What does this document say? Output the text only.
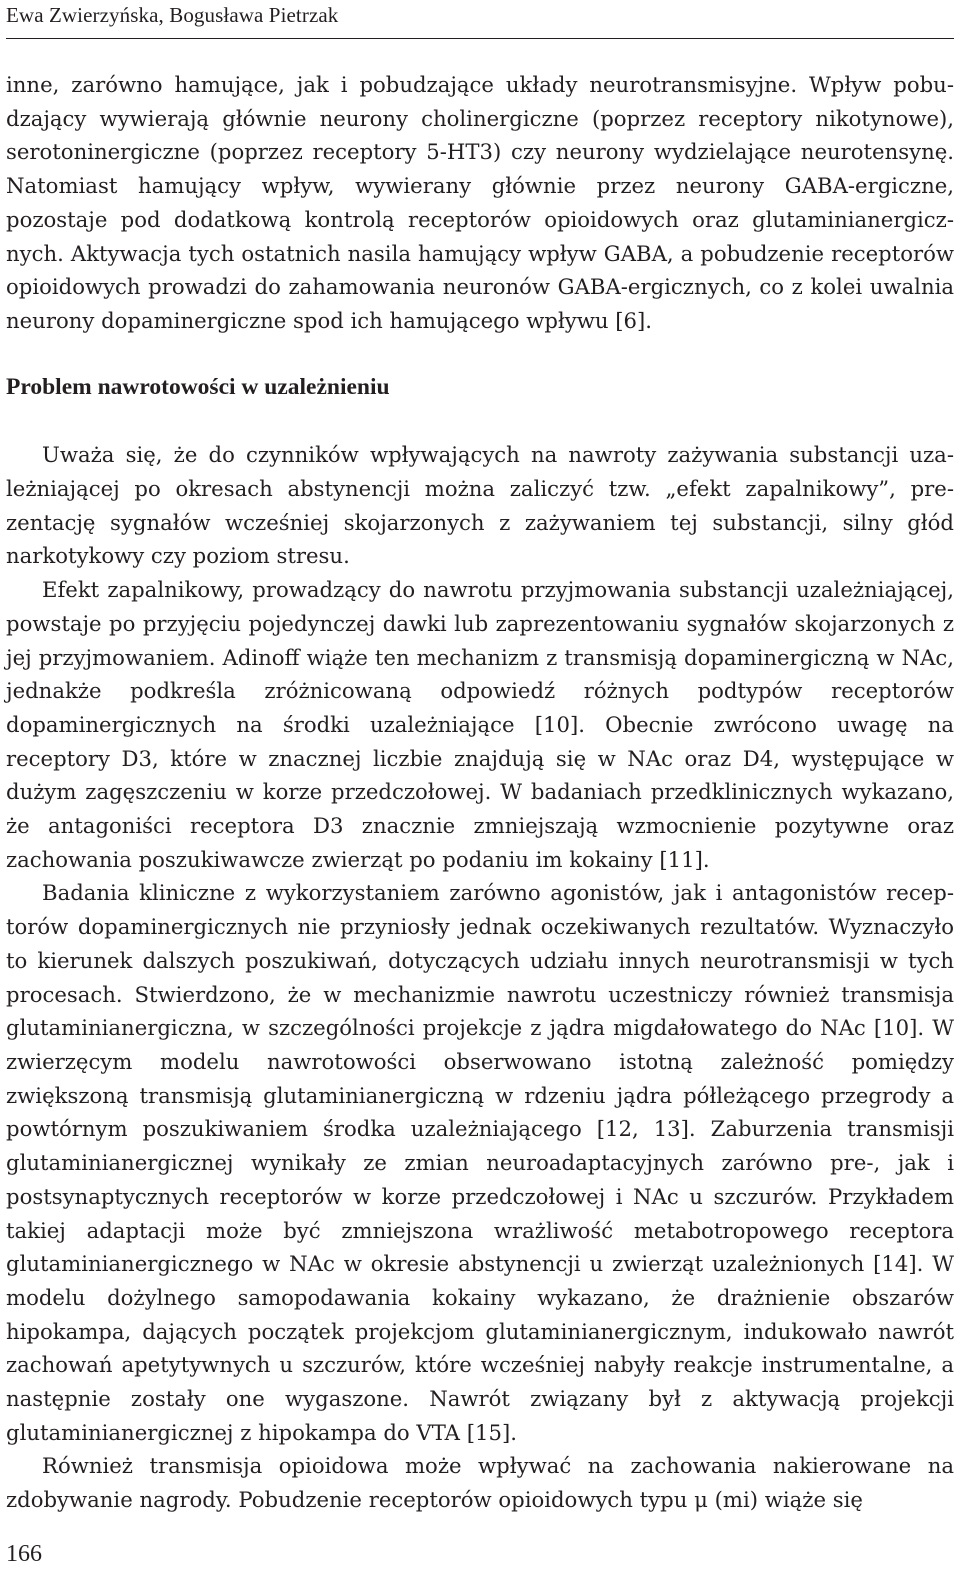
Ewa Zwierzyńska, Bogusława Pietrzak

inne, zarówno hamujące, jak i pobudzające układy neurotransmisyjne. Wpływ pobudzający wywierają głównie neurony cholinergiczne (poprzez receptory nikotynowe), serotoninergiczne (poprzez receptory 5-HT3) czy neurony wydzielające neurotensynę. Natomiast hamujący wpływ, wywierany głównie przez neurony GABA-ergiczne, pozostaje pod dodatkową kontrolą receptorów opioidowych oraz glutaminianergicznych. Aktywacja tych ostatnich nasila hamujący wpływ GABA, a pobudzenie receptorów opioidowych prowadzi do zahamowania neuronów GABA-ergicznych, co z kolei uwalnia neurony dopaminergiczne spod ich hamującego wpływu [6].

Problem nawrotowości w uzależnieniu

Uważa się, że do czynników wpływających na nawroty zażywania substancji uzależniającej po okresach abstynencji można zaliczyć tzw. „efekt zapalnikowy”, prezentację sygnałów wcześniej skojarzonych z zażywaniem tej substancji, silny głód narkotykowy czy poziom stresu.

Efekt zapalnikowy, prowadzący do nawrotu przyjmowania substancji uzależniającej, powstaje po przyjęciu pojedynczej dawki lub zaprezentowaniu sygnałów skojarzonych z jej przyjmowaniem. Adinoff wiąże ten mechanizm z transmisją dopaminergiczną w NAc, jednakże podkreśla zróżnicowaną odpowiedź różnych podtypów receptorów dopaminergicznych na środki uzależniające [10]. Obecnie zwrócono uwagę na receptory D3, które w znacznej liczbie znajdują się w NAc oraz D4, występujące w dużym zagęszczeniu w korze przedczołowej. W badaniach przedklinicznych wykazano, że antagoniści receptora D3 znacznie zmniejszają wzmocnienie pozytywne oraz zachowania poszukiwawcze zwierząt po podaniu im kokainy [11].

Badania kliniczne z wykorzystaniem zarówno agonistów, jak i antagonistów receptorów dopaminergicznych nie przyniosły jednak oczekiwanych rezultatów. Wyznaczyło to kierunek dalszych poszukiwań, dotyczących udziału innych neurotransmisji w tych procesach. Stwierdzono, że w mechanizmie nawrotu uczestniczy również transmisja glutaminianergiczna, w szczególności projekcje z jądra migdałowatego do NAc [10]. W zwierzęcym modelu nawrotowości obserwowano istotną zależność pomiędzy zwiększoną transmisją glutaminianergiczną w rdzeniu jądra półleżącego przegrody a powtórnym poszukiwaniem środka uzależniającego [12, 13]. Zaburzenia transmisji glutaminianergicznej wynikały ze zmian neuroadaptacyjnych zarówno pre-, jak i postsynaptycznych receptorów w korze przedczołowej i NAc u szczurów. Przykładem takiej adaptacji może być zmniejszona wrażliwość metabotropowego receptora glutaminianergicznego w NAc w okresie abstynencji u zwierząt uzależnionych [14]. W modelu dożylnego samopodawania kokainy wykazano, że drażnienie obszarów hipokampa, dających początek projekcjom glutaminianergicznym, indukowało nawrót zachowań apetytywnych u szczurów, które wcześniej nabyły reakcje instrumentalne, a następnie zostały one wygaszone. Nawrót związany był z aktywacją projekcji glutaminianergicznej z hipokampa do VTA [15].

Również transmisja opioidowa może wpływać na zachowania nakierowane na zdobywanie nagrody. Pobudzenie receptorów opioidowych typu μ (mi) wiąże się

166
